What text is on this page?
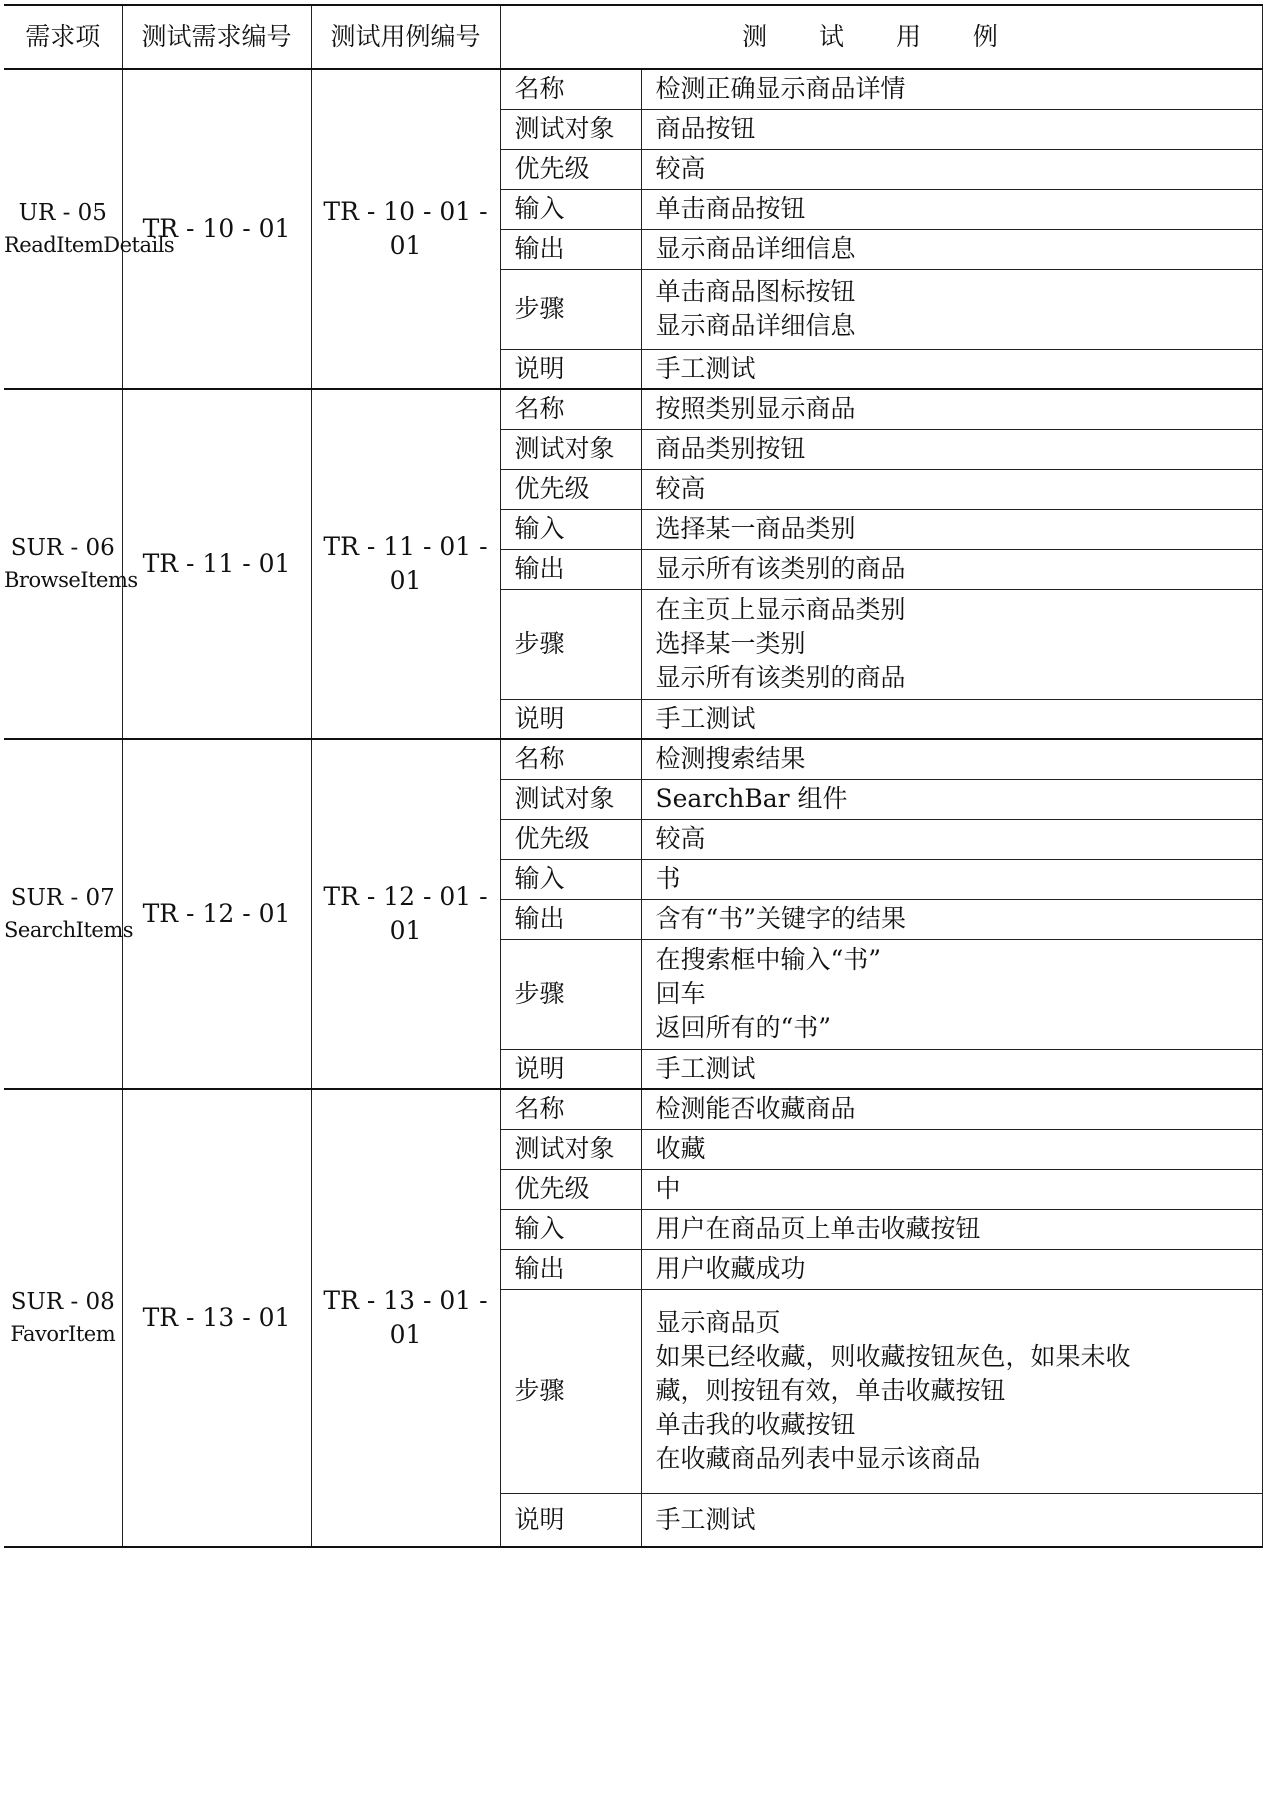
需求项	测试需求编号	测试用例编号	测 试 用 例	

UR - 05
ReadItemDetails	TR - 10 - 01	TR - 10 - 01 - 01	名称	检测正确显示商品详情

			测试对象	商品按钮

			优先级	较高

			输入	单击商品按钮

			输出	显示商品详细信息

			步骤	单击商品图标按钮
显示商品详细信息

			说明	手工测试

SUR - 06
BrowseItems	TR - 11 - 01	TR - 11 - 01 - 01	名称	按照类别显示商品

			测试对象	商品类别按钮

			优先级	较高

			输入	选择某一商品类别

			输出	显示所有该类别的商品

			步骤	在主页上显示商品类别
选择某一类别
显示所有该类别的商品

			说明	手工测试

SUR - 07
SearchItems	TR - 12 - 01	TR - 12 - 01 - 01	名称	检测搜索结果

			测试对象	SearchBar 组件

			优先级	较高

			输入	书

			输出	含有“书”关键字的结果

			步骤	在搜索框中输入“书”
回车
返回所有的“书”

			说明	手工测试

SUR - 08
FavorItem	TR - 13 - 01	TR - 13 - 01 - 01	名称	检测能否收藏商品

			测试对象	收藏

			优先级	中

			输入	用户在商品页上单击收藏按钮

			输出	用户收藏成功

			步骤	显示商品页
如果已经收藏，则收藏按钮灰色，如果未收
藏，则按钮有效，单击收藏按钮
单击我的收藏按钮
在收藏商品列表中显示该商品

			说明	手工测试
